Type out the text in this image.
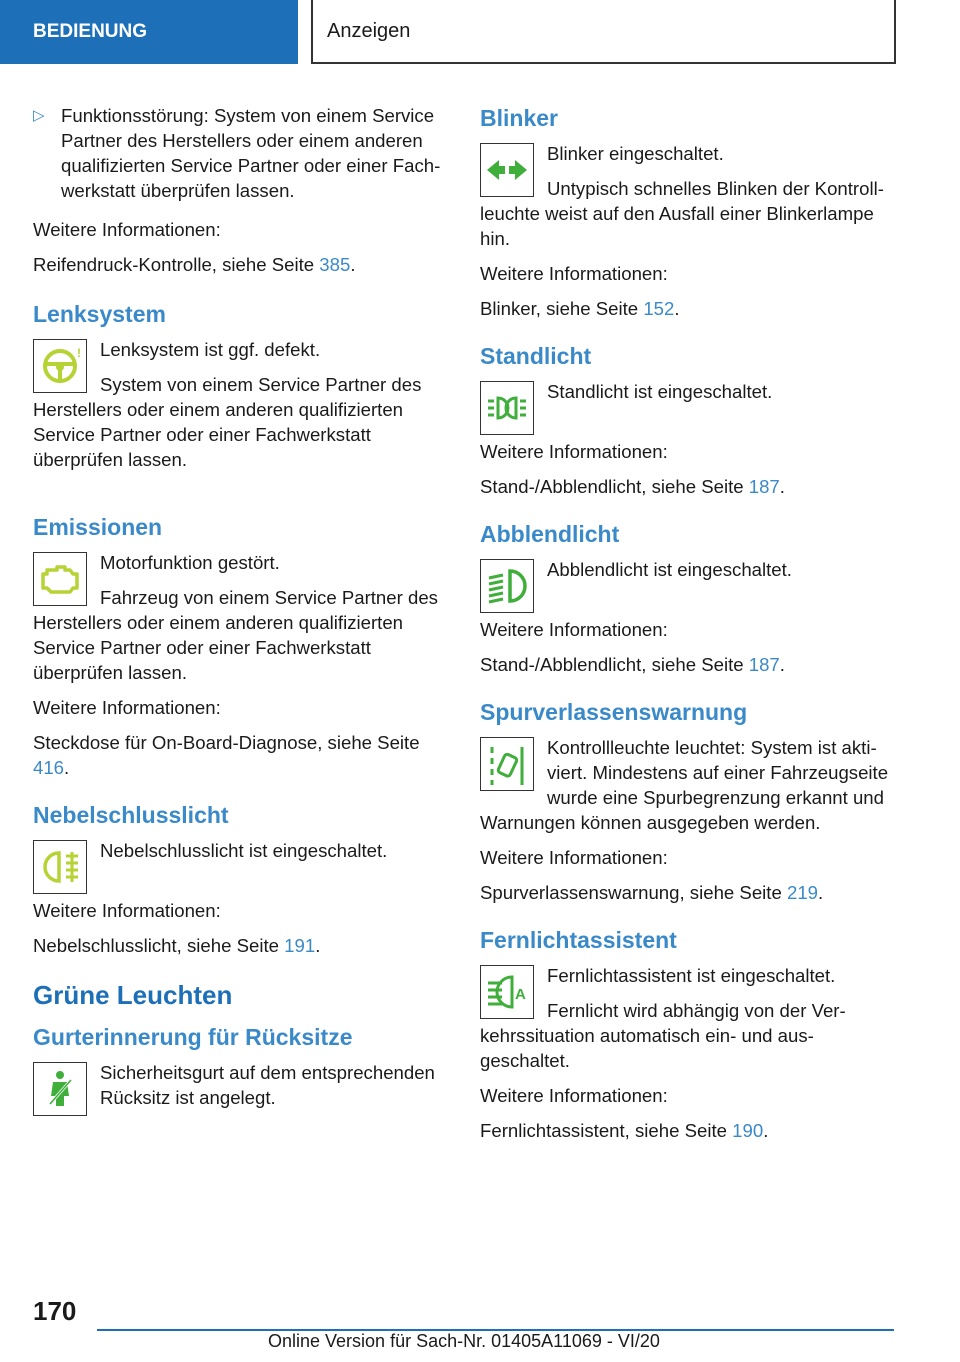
BEDIENUNG	Anzeigen
▷ Funktionsstörung: System von einem Service Partner des Herstellers oder einem anderen qualifizierten Service Partner oder einer Fachwerkstatt überprüfen lassen.

Weitere Informationen:

Reifendruck-Kontrolle, siehe Seite 385.

Lenksystem
!	Lenksystem ist ggf. defekt.

System von einem Service Partner des Herstellers oder einem anderen qualifizierten Service Partner oder einer Fachwerkstatt überprüfen lassen.

Emissionen

Motorfunktion gestört.

Fahrzeug von einem Service Partner des Herstellers oder einem anderen qualifizierten Service Partner oder einer Fachwerkstatt überprüfen lassen.

Weitere Informationen:

Steckdose für On-Board-Diagnose, siehe Seite 416.

Nebelschlusslicht

Nebelschlusslicht ist eingeschaltet.

Weitere Informationen:

Nebelschlusslicht, siehe Seite 191.

Grüne Leuchten
Gurterinnerung für Rücksitze

Sicherheitsgurt auf dem entsprechenden Rücksitz ist angelegt.

Blinker

Blinker eingeschaltet.

Untypisch schnelles Blinken der Kontrollleuchte weist auf den Ausfall einer Blinkerlampe hin.

Weitere Informationen:

Blinker, siehe Seite 152.

Standlicht

Standlicht ist eingeschaltet.

Weitere Informationen:

Stand-/Abblendlicht, siehe Seite 187.

Abblendlicht

Abblendlicht ist eingeschaltet.

Weitere Informationen:

Stand-/Abblendlicht, siehe Seite 187.

Spurverlassenswarnung

Kontrollleuchte leuchtet: System ist aktiviert. Mindestens auf einer Fahrzeugseite wurde eine Spurbegrenzung erkannt und Warnungen können ausgegeben werden.

Weitere Informationen:

Spurverlassenswarnung, siehe Seite 219.

Fernlichtassistent
A

Fernlichtassistent ist eingeschaltet.

Fernlicht wird abhängig von der Verkehrssituation automatisch ein- und ausgeschaltet.

Weitere Informationen:

Fernlichtassistent, siehe Seite 190.

170
Online Version für Sach-Nr. 01405A11069 - VI/20
